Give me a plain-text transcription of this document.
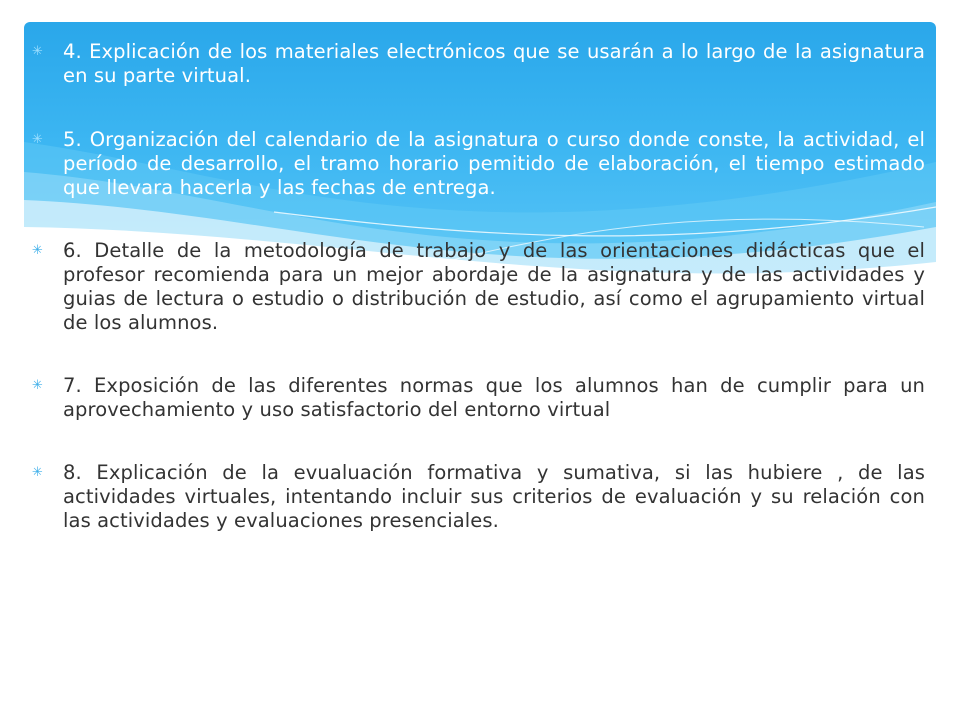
✳	4. Explicación de los materiales electrónicos que se usarán a lo largo de la asignatura en su parte virtual.
✳	5. Organización del calendario de la asignatura o curso donde conste, la actividad, el período de desarrollo, el tramo horario pemitido de elaboración, el tiempo estimado que llevara hacerla y las fechas de entrega.
✳	6. Detalle de la metodología de trabajo y de las orientaciones didácticas que el profesor recomienda para un mejor abordaje de la asignatura y de las actividades y guias de lectura o estudio o distribución de estudio, así como el agrupamiento virtual de los alumnos.
✳	7. Exposición de las diferentes normas que los alumnos han de cumplir para un aprovechamiento y uso satisfactorio del entorno virtual
✳	8. Explicación de la evualuación formativa y sumativa, si las hubiere , de las actividades virtuales, intentando incluir sus criterios de evaluación y su relación con las actividades y evaluaciones presenciales.
